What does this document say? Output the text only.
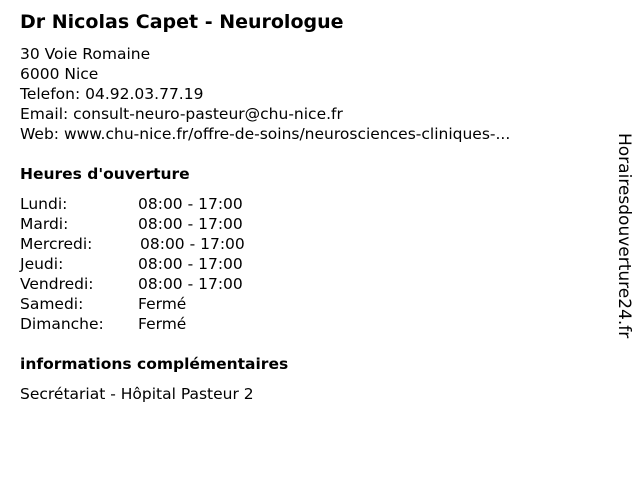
Dr Nicolas Capet - Neurologue
30 Voie Romaine
6000 Nice
Telefon: 04.92.03.77.19
Email: consult-neuro-pasteur@chu-nice.fr
Web: www.chu-nice.fr/offre-de-soins/neurosciences-cliniques-...
Heures d'ouverture
Lundi:	08:00 - 17:00
Mardi:	08:00 - 17:00
Mercredi:	08:00 - 17:00
Jeudi:	08:00 - 17:00
Vendredi:	08:00 - 17:00
Samedi:	Fermé
Dimanche: Fermé
informations complémentaires
Secrétariat - Hôpital Pasteur 2
Horairesdouverture24.fr
